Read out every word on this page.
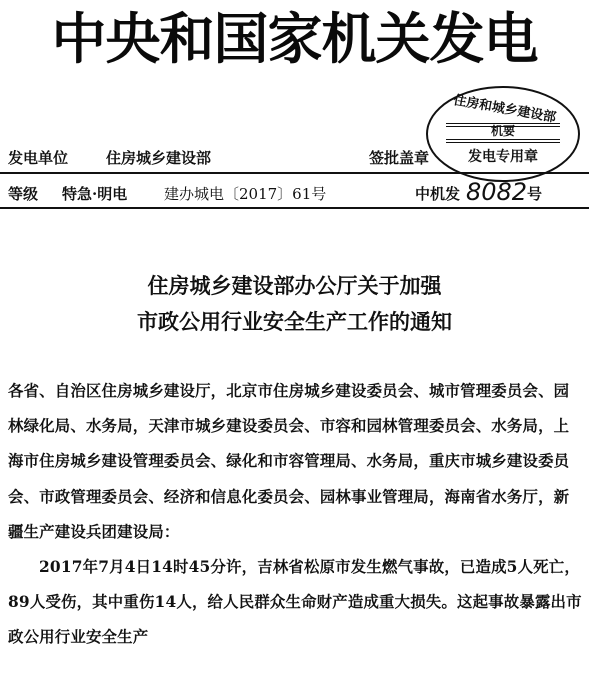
中央和国家机关发电
住房和城乡建设部
机要
发电专用章
发电单位	住房城乡建设部	签批盖章
等级 特急·明电 建办城电〔2017〕61号	中机发 8082 号
住房城乡建设部办公厅关于加强
市政公用行业安全生产工作的通知

各省、自治区住房城乡建设厅，北京市住房城乡建设委员会、城市管理委员会、园林绿化局、水务局，天津市城乡建设委员会、市容和园林管理委员会、水务局，上海市住房城乡建设管理委员会、绿化和市容管理局、水务局，重庆市城乡建设委员会、市政管理委员会、经济和信息化委员会、园林事业管理局，海南省水务厅，新疆生产建设兵团建设局：

2017年7月4日14时45分许，吉林省松原市发生燃气事故，已造成5人死亡，89人受伤，其中重伤14人，给人民群众生命财产造成重大损失。这起事故暴露出市政公用行业安全生产
